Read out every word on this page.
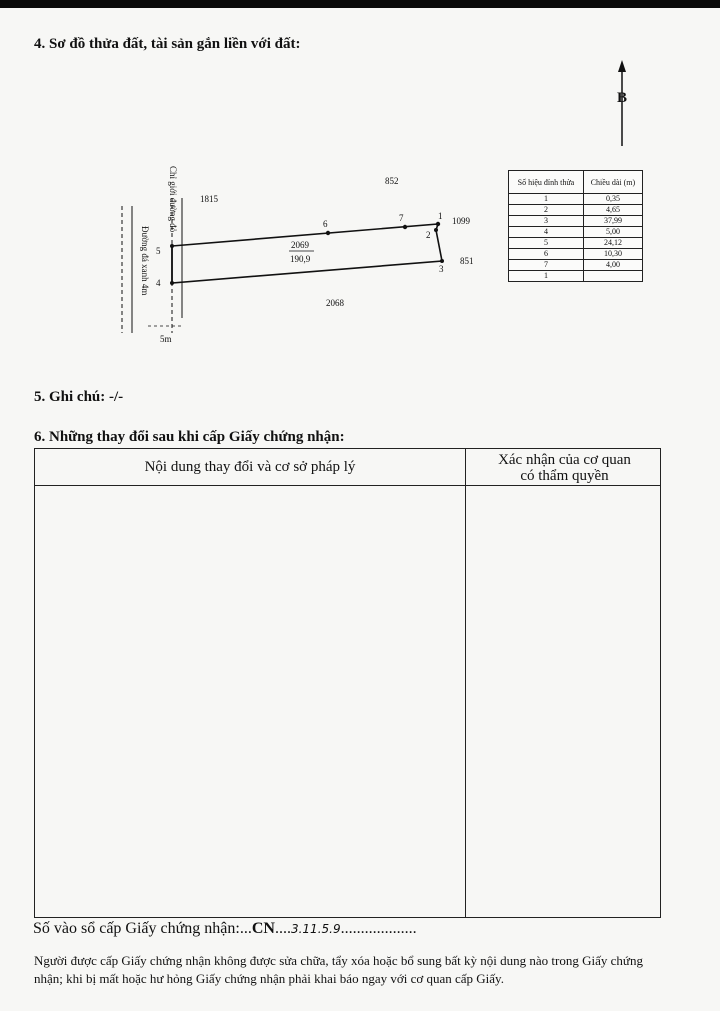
4. Sơ đồ thửa đất, tài sản gắn liền với đất:
B
1
2
3
4
5
6
7
2069
190,9
852
1099
851
2068
1815
Chỉ giới đường đỏ
Đường đá xanh 4m
5m
Số hiệu đỉnh thửa	Chiều dài (m)
1	0,35
2	4,65
3	37,99
4	5,00
5	24,12
6	10,30
7	4,00
1	
5. Ghi chú: -/-
6. Những thay đổi sau khi cấp Giấy chứng nhận:
Nội dung thay đổi và cơ sở pháp lý	Xác nhận của cơ quan
có thẩm quyền
Số vào sổ cấp Giấy chứng nhận:...CN....3.11.5.9...................
Người được cấp Giấy chứng nhận không được sửa chữa, tẩy xóa hoặc bổ sung bất kỳ nội dung nào trong Giấy chứng nhận; khi bị mất hoặc hư hỏng Giấy chứng nhận phải khai báo ngay với cơ quan cấp Giấy.
